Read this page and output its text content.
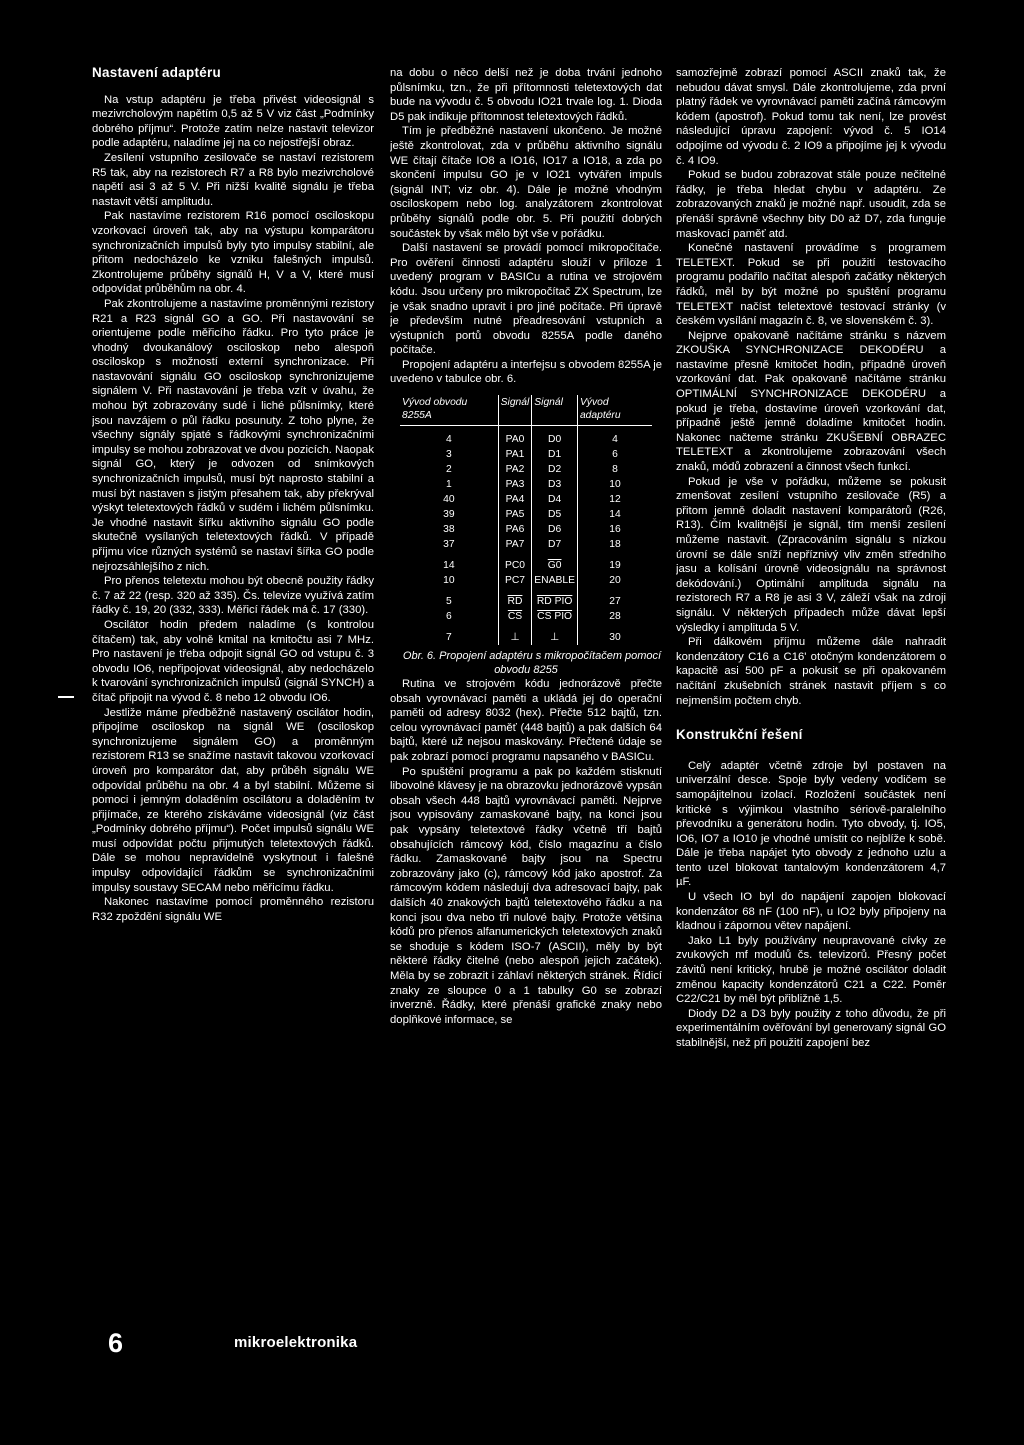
Nastavení adaptéru

Na vstup adaptéru je třeba přivést videosignál s mezivrcholovým napětím 0,5 až 5 V viz část „Podmínky dobrého příjmu“. Protože zatím nelze nastavit televizor podle adaptéru, naladíme jej na co nejostřejší obraz.

Zesílení vstupního zesilovače se nastaví rezistorem R5 tak, aby na rezistorech R7 a R8 bylo mezivrcholové napětí asi 3 až 5 V. Při nižší kvalitě signálu je třeba nastavit větší amplitudu.

Pak nastavíme rezistorem R16 pomocí osciloskopu vzorkovací úroveň tak, aby na výstupu komparátoru synchronizačních impulsů byly tyto impulsy stabilní, ale přitom nedocházelo ke vzniku falešných impulsů. Zkontrolujeme průběhy signálů H, V a V, které musí odpovídat průběhům na obr. 4.

Pak zkontrolujeme a nastavíme proměnnými rezistory R21 a R23 signál GO a GO. Při nastavování se orientujeme podle měřicího řádku. Pro tyto práce je vhodný dvoukanálový osciloskop nebo alespoň osciloskop s možností externí synchronizace. Při nastavování signálu GO osciloskop synchronizujeme signálem V. Při nastavování je třeba vzít v úvahu, že mohou být zobrazovány sudé i liché půlsnímky, které jsou navzájem o půl řádku posunuty. Z toho plyne, že všechny signály spjaté s řádkovými synchronizačními impulsy se mohou zobrazovat ve dvou pozicích. Naopak signál GO, který je odvozen od snímkových synchronizačních impulsů, musí být naprosto stabilní a musí být nastaven s jistým přesahem tak, aby překrýval výskyt teletextových řádků v sudém i lichém půlsnímku. Je vhodné nastavit šířku aktivního signálu GO podle skutečně vysílaných teletextových řádků. V případě příjmu více různých systémů se nastaví šířka GO podle nejrozsáhlejšího z nich.

Pro přenos teletextu mohou být obecně použity řádky č. 7 až 22 (resp. 320 až 335). Čs. televize využívá zatím řádky č. 19, 20 (332, 333). Měřicí řádek má č. 17 (330).

Oscilátor hodin předem naladíme (s kontrolou čítačem) tak, aby volně kmital na kmitočtu asi 7 MHz. Pro nastavení je třeba odpojit signál GO od vstupu č. 3 obvodu IO6, nepřipojovat videosignál, aby nedocházelo k tvarování synchronizačních impulsů (signál SYNCH) a čítač připojit na vývod č. 8 nebo 12 obvodu IO6.

Jestliže máme předběžně nastavený oscilátor hodin, připojíme osciloskop na signál WE (osciloskop synchronizujeme signálem GO) a proměnným rezistorem R13 se snažíme nastavit takovou vzorkovací úroveň pro komparátor dat, aby průběh signálu WE odpovídal průběhu na obr. 4 a byl stabilní. Můžeme si pomoci i jemným doladěním oscilátoru a doladěním tv přijímače, ze kterého získáváme videosignál (viz část „Podmínky dobrého příjmu“). Počet impulsů signálu WE musí odpovídat počtu přijmutých teletextových řádků. Dále se mohou nepravidelně vyskytnout i falešné impulsy odpovídající řádkům se synchronizačními impulsy soustavy SECAM nebo měřicímu řádku.

Nakonec nastavíme pomocí proměnného rezistoru R32 zpoždění signálu WE

na dobu o něco delší než je doba trvání jednoho půlsnímku, tzn., že při přítomnosti teletextových dat bude na vývodu č. 5 obvodu IO21 trvale log. 1. Dioda D5 pak indikuje přítomnost teletextových řádků.

Tím je předběžné nastavení ukončeno. Je možné ještě zkontrolovat, zda v průběhu aktivního signálu WE čítají čítače IO8 a IO16, IO17 a IO18, a zda po skončení impulsu GO je v IO21 vytvářen impuls (signál INT; viz obr. 4). Dále je možné vhodným osciloskopem nebo log. analyzátorem zkontrolovat průběhy signálů podle obr. 5. Při použití dobrých součástek by však mělo být vše v pořádku.

Další nastavení se provádí pomocí mikropočítače. Pro ověření činnosti adaptéru slouží v příloze 1 uvedený program v BASICu a rutina ve strojovém kódu. Jsou určeny pro mikropočítač ZX Spectrum, lze je však snadno upravit i pro jiné počítače. Při úpravě je především nutné přeadresování vstupních a výstupních portů obvodu 8255A podle daného počítače.

Propojení adaptéru a interfejsu s obvodem 8255A je uvedeno v tabulce obr. 6.

Vývod obvodu 8255A	Signál	Signál	Vývod adaptéru
4	PA0	D0	4
3	PA1	D1	6
2	PA2	D2	8
1	PA3	D3	10
40	PA4	D4	12
39	PA5	D5	14
38	PA6	D6	16
37	PA7	D7	18
14	PC0	G0	19
10	PC7	ENABLE	20
5	$\overline{RD}$	RD PIO	27
6	$\overline{CS}$	CS PIO	28
7	⊥	⊥	30

Obr. 6. Propojení adaptéru s mikropočítačem pomocí obvodu 8255

Rutina ve strojovém kódu jednorázově přečte obsah vyrovnávací paměti a ukládá jej do operační paměti od adresy 8032 (hex). Přečte 512 bajtů, tzn. celou vyrovnávací paměť (448 bajtů) a pak dalších 64 bajtů, které už nejsou maskovány. Přečtené údaje se pak zobrazí pomocí programu napsaného v BASICu.

Po spuštění programu a pak po každém stisknutí libovolné klávesy je na obrazovku jednorázově vypsán obsah všech 448 bajtů vyrovnávací paměti. Nejprve jsou vypisovány zamaskované bajty, na konci jsou pak vypsány teletextové řádky včetně tří bajtů obsahujících rámcový kód, číslo magazínu a číslo řádku. Zamaskované bajty jsou na Spectru zobrazovány jako (c), rámcový kód jako apostrof. Za rámcovým kódem následují dva adresovací bajty, pak dalších 40 znakových bajtů teletextového řádku a na konci jsou dva nebo tři nulové bajty. Protože většina kódů pro přenos alfanumerických teletextových znaků se shoduje s kódem ISO-7 (ASCII), měly by být některé řádky čitelné (nebo alespoň jejich začátek). Měla by se zobrazit i záhlaví některých stránek. Řídicí znaky ze sloupce 0 a 1 tabulky G0 se zobrazí inverzně. Řádky, které přenáší grafické znaky nebo doplňkové informace, se

samozřejmě zobrazí pomocí ASCII znaků tak, že nebudou dávat smysl. Dále zkontrolujeme, zda první platný řádek ve vyrovnávací paměti začíná rámcovým kódem (apostrof). Pokud tomu tak není, lze provést následující úpravu zapojení: vývod č. 5 IO14 odpojíme od vývodu č. 2 IO9 a připojíme jej k vývodu č. 4 IO9.

Pokud se budou zobrazovat stále pouze nečitelné řádky, je třeba hledat chybu v adaptéru. Ze zobrazovaných znaků je možné např. usoudit, zda se přenáší správně všechny bity D0 až D7, zda funguje maskovací paměť atd.

Konečné nastavení provádíme s programem TELETEXT. Pokud se při použití testovacího programu podařilo načítat alespoň začátky některých řádků, měl by být možné po spuštění programu TELETEXT načíst teletextové testovací stránky (v českém vysílání magazín č. 8, ve slovenském č. 3).

Nejprve opakovaně načítáme stránku s názvem ZKOUŠKA SYNCHRONIZACE DEKODÉRU a nastavíme přesně kmitočet hodin, případně úroveň vzorkování dat. Pak opakovaně načítáme stránku OPTIMÁLNÍ SYNCHRONIZACE DEKODÉRU a pokud je třeba, dostavíme úroveň vzorkování dat, případně ještě jemně doladíme kmitočet hodin. Nakonec načteme stránku ZKUŠEBNÍ OBRAZEC TELETEXT a zkontrolujeme zobrazování všech znaků, módů zobrazení a činnost všech funkcí.

Pokud je vše v pořádku, můžeme se pokusit zmenšovat zesílení vstupního zesilovače (R5) a přitom jemně doladit nastavení komparátorů (R26, R13). Čím kvalitnější je signál, tím menší zesílení můžeme nastavit. (Zpracováním signálu s nízkou úrovní se dále sníží nepříznivý vliv změn středního jasu a kolísání úrovně videosignálu na správnost dekódování.) Optimální amplituda signálu na rezistorech R7 a R8 je asi 3 V, záleží však na zdroji signálu. V některých případech může dávat lepší výsledky i amplituda 5 V.

Při dálkovém příjmu můžeme dále nahradit kondenzátory C16 a C16' otočným kondenzátorem o kapacitě asi 500 pF a pokusit se při opakovaném načítání zkušebních stránek nastavit příjem s co nejmenším počtem chyb.

Konstrukční řešení

Celý adaptér včetně zdroje byl postaven na univerzální desce. Spoje byly vedeny vodičem se samopájitelnou izolací. Rozložení součástek není kritické s výjimkou vlastního sériově-paralelního převodníku a generátoru hodin. Tyto obvody, tj. IO5, IO6, IO7 a IO10 je vhodné umístit co nejblíže k sobě. Dále je třeba napájet tyto obvody z jednoho uzlu a tento uzel blokovat tantalovým kondenzátorem 4,7 µF.

U všech IO byl do napájení zapojen blokovací kondenzátor 68 nF (100 nF), u IO2 byly připojeny na kladnou i zápornou větev napájení.

Jako L1 byly používány neupravované cívky ze zvukových mf modulů čs. televizorů. Přesný počet závitů není kritický, hrubě je možné oscilátor doladit změnou kapacity kondenzátorů C21 a C22. Poměr C22/C21 by měl být přibližně 1,5.

Diody D2 a D3 byly použity z toho důvodu, že při experimentálním ověřování byl generovaný signál GO stabilnější, než při použití zapojení bez

6	mikroelektronika
